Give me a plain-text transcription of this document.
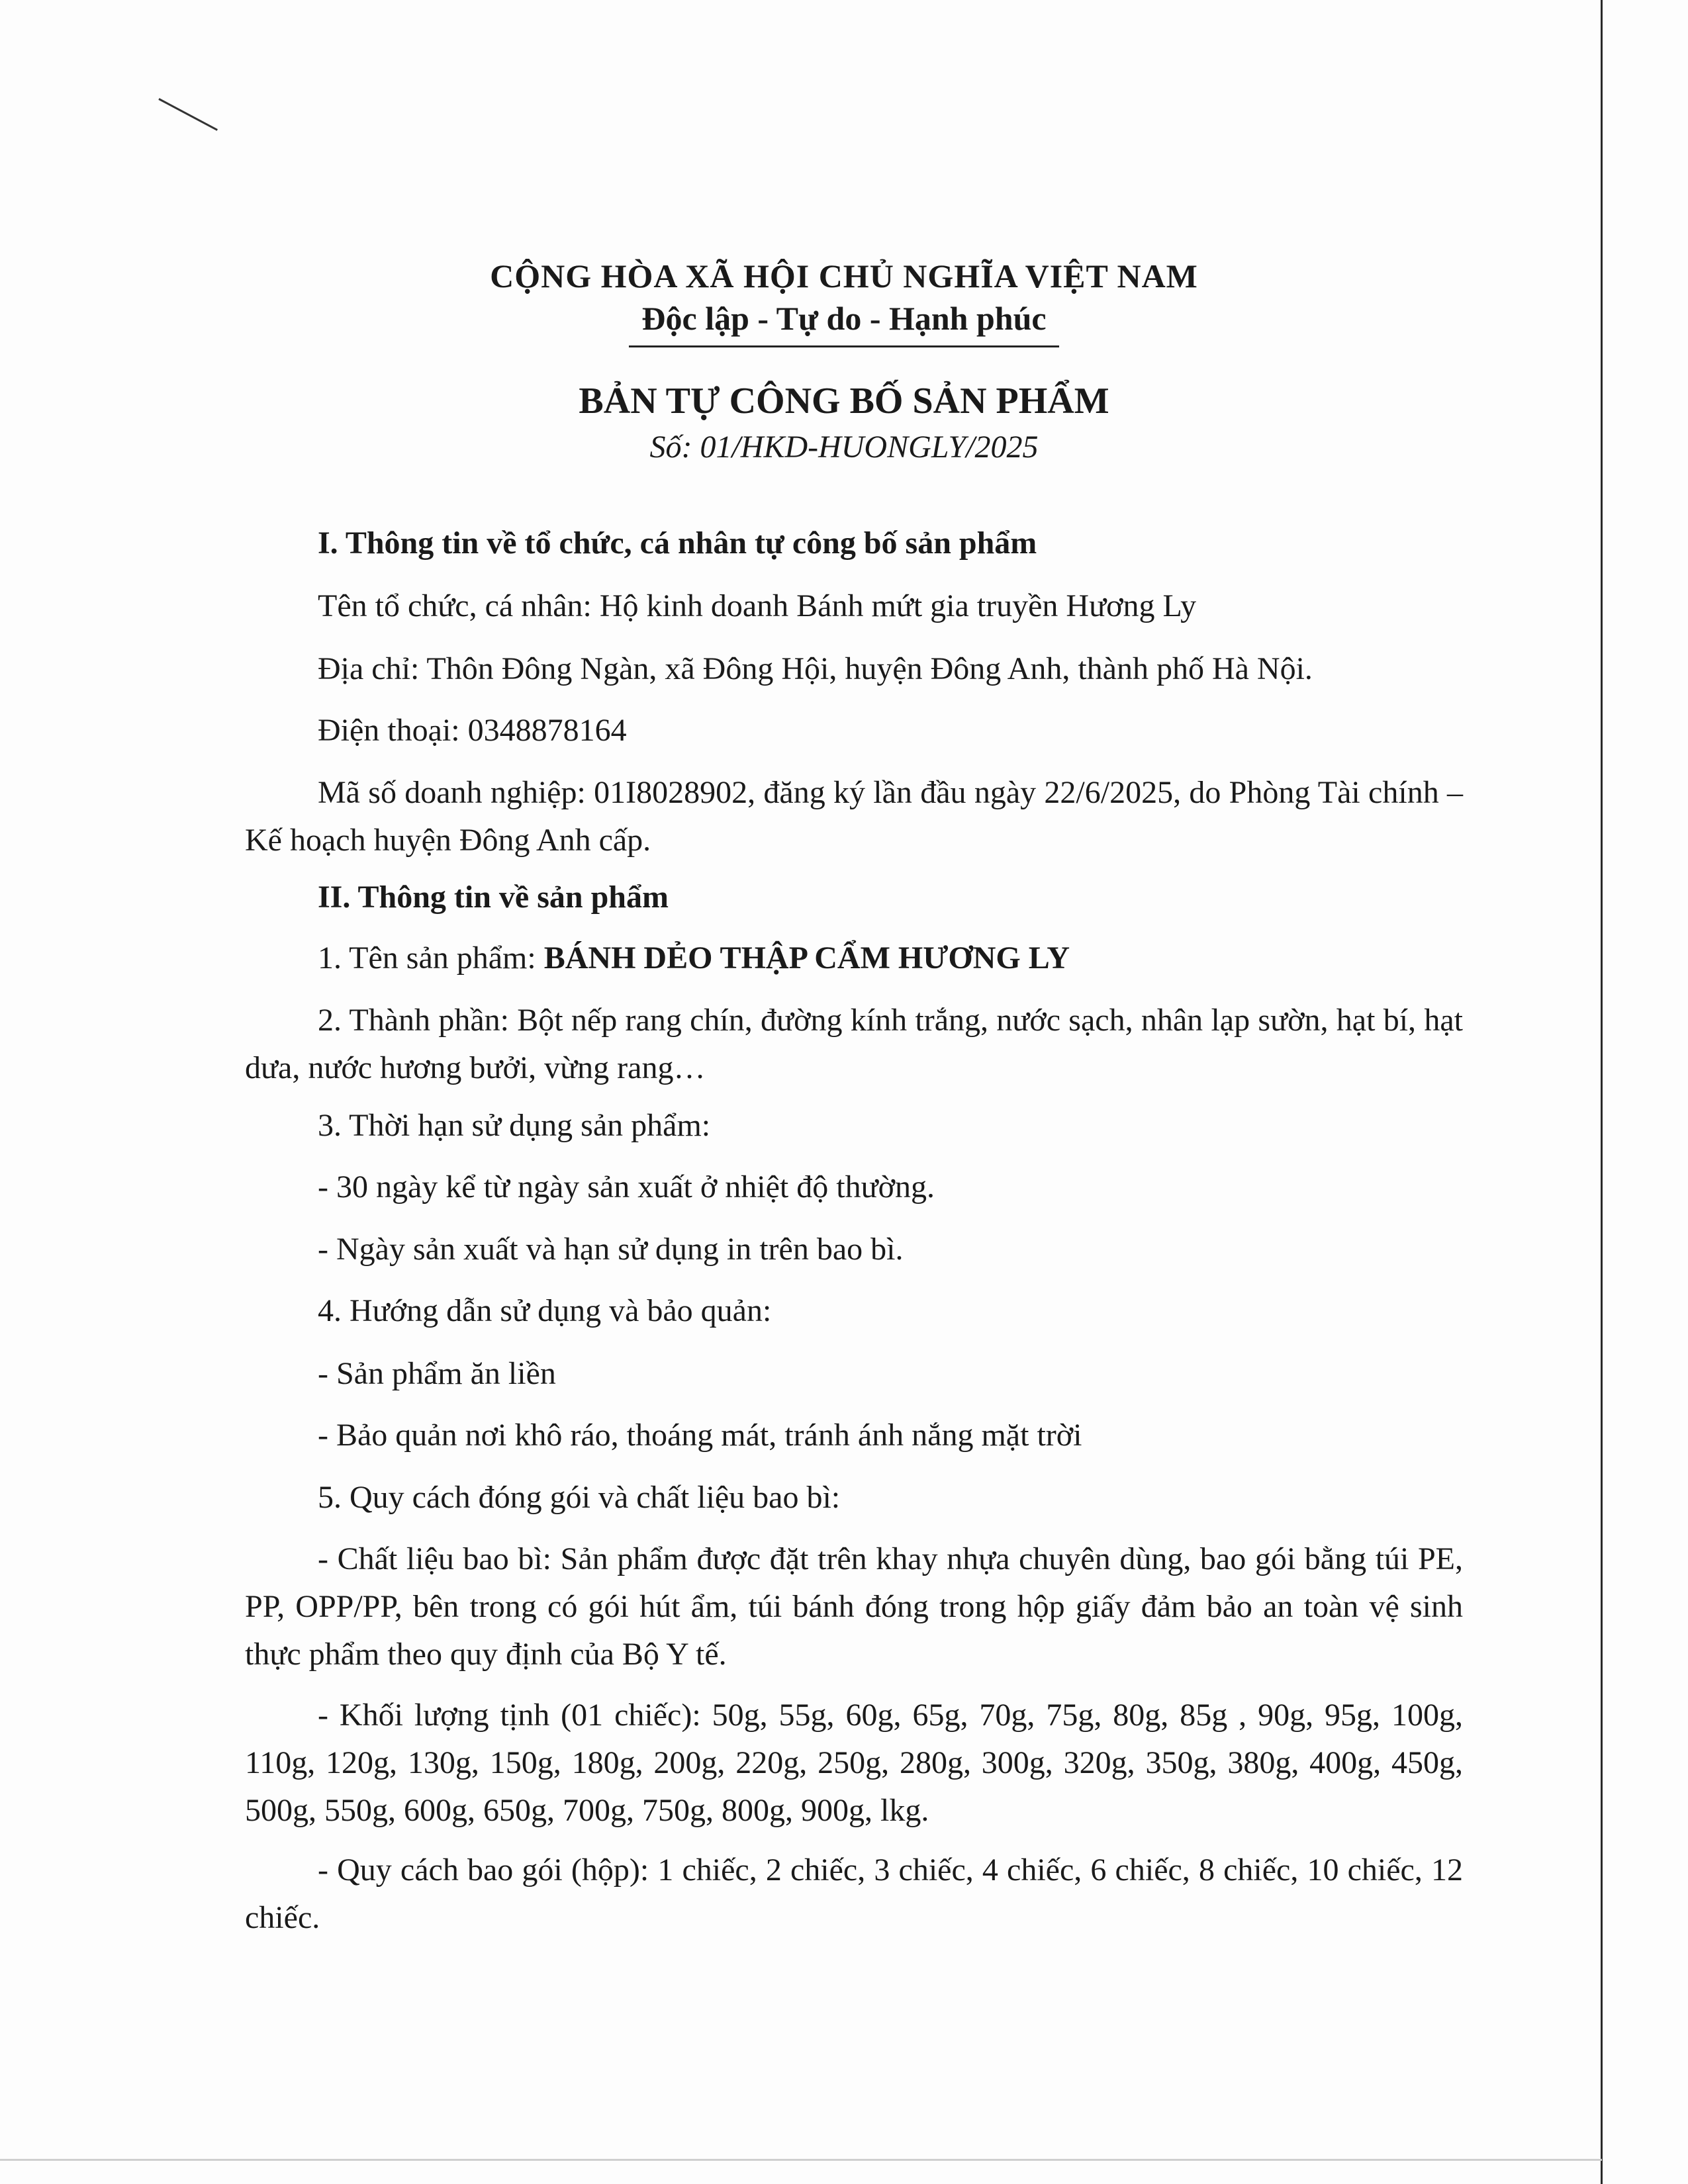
CỘNG HÒA XÃ HỘI CHỦ NGHĨA VIỆT NAM
Độc lập - Tự do - Hạnh phúc
BẢN TỰ CÔNG BỐ SẢN PHẨM
Số: 01/HKD-HUONGLY/2025
I. Thông tin về tổ chức, cá nhân tự công bố sản phẩm
Tên tổ chức, cá nhân: Hộ kinh doanh Bánh mứt gia truyền Hương Ly
Địa chỉ: Thôn Đông Ngàn, xã Đông Hội, huyện Đông Anh, thành phố Hà Nội.
Điện thoại: 0348878164
Mã số doanh nghiệp: 01I8028902, đăng ký lần đầu ngày 22/6/2025, do Phòng Tài chính – Kế hoạch huyện Đông Anh cấp.
II. Thông tin về sản phẩm
1. Tên sản phẩm: BÁNH DẺO THẬP CẨM HƯƠNG LY
2. Thành phần: Bột nếp rang chín, đường kính trắng, nước sạch, nhân lạp sườn, hạt bí, hạt dưa, nước hương bưởi, vừng rang…
3. Thời hạn sử dụng sản phẩm:
- 30 ngày kể từ ngày sản xuất ở nhiệt độ thường.
- Ngày sản xuất và hạn sử dụng in trên bao bì.
4. Hướng dẫn sử dụng và bảo quản:
- Sản phẩm ăn liền
- Bảo quản nơi khô ráo, thoáng mát, tránh ánh nắng mặt trời
5. Quy cách đóng gói và chất liệu bao bì:
- Chất liệu bao bì: Sản phẩm được đặt trên khay nhựa chuyên dùng, bao gói bằng túi PE, PP, OPP/PP, bên trong có gói hút ẩm, túi bánh đóng trong hộp giấy đảm bảo an toàn vệ sinh thực phẩm theo quy định của Bộ Y tế.
- Khối lượng tịnh (01 chiếc): 50g, 55g, 60g, 65g, 70g, 75g, 80g, 85g , 90g, 95g, 100g, 110g, 120g, 130g, 150g, 180g, 200g, 220g, 250g, 280g, 300g, 320g, 350g, 380g, 400g, 450g, 500g, 550g, 600g, 650g, 700g, 750g, 800g, 900g, lkg.
- Quy cách bao gói (hộp): 1 chiếc, 2 chiếc, 3 chiếc, 4 chiếc, 6 chiếc, 8 chiếc, 10 chiếc, 12 chiếc.
